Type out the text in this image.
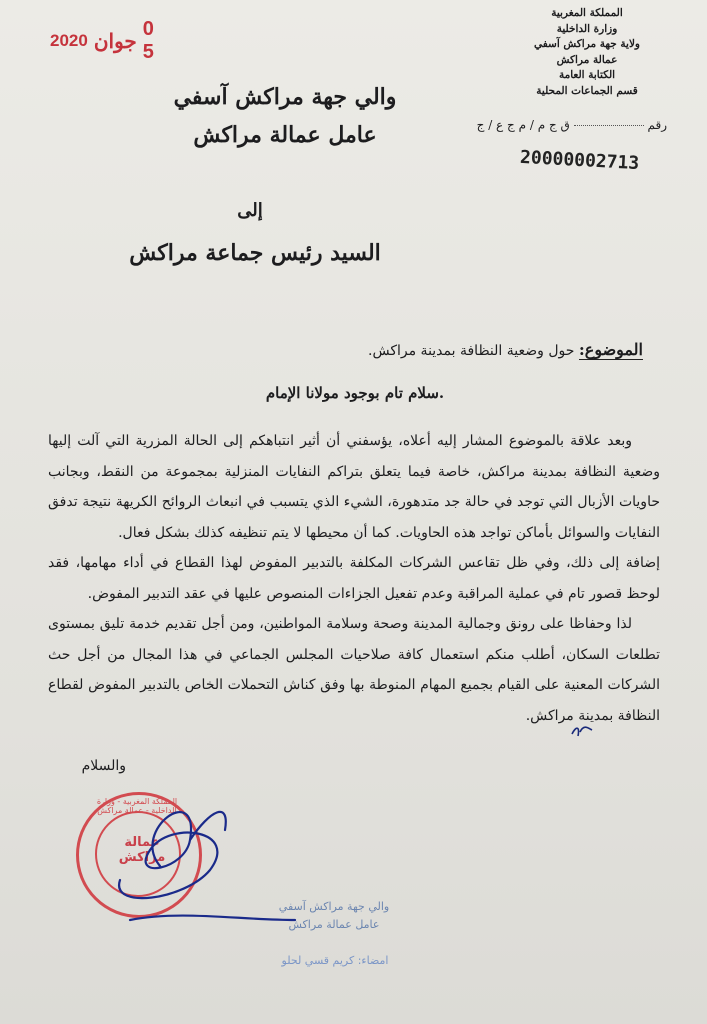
2020 جوان
0 5
المملكة المغربية
وزارة الداخلية
ولاية جهة مراكش آسفي
عمالة مراكش
الكتابة العامة
قسم الجماعات المحلية
رقم  ق ج م / م ج ع / ج
20000002713
والي جهة مراكش آسفي
عامل عمالة مراكش
إلى
السيد رئيس جماعة مراكش
الموضوع: حول وضعية النظافة بمدينة مراكش.
سلام تام بوجود مولانا الإمام.

وبعد علاقة بالموضوع المشار إليه أعلاه، يؤسفني أن أثير انتباهكم إلى الحالة المزرية التي آلت إليها وضعية النظافة بمدينة مراكش، خاصة فيما يتعلق بتراكم النفايات المنزلية بمجموعة من النقط، وبجانب حاويات الأزبال التي توجد في حالة جد متدهورة، الشيء الذي يتسبب في انبعاث الروائح الكريهة نتيجة تدفق النفايات والسوائل بأماكن تواجد هذه الحاويات. كما أن محيطها لا يتم تنظيفه كذلك بشكل فعال.

إضافة إلى ذلك، وفي ظل تقاعس الشركات المكلفة بالتدبير المفوض لهذا القطاع في أداء مهامها، فقد لوحظ قصور تام في عملية المراقبة وعدم تفعيل الجزاءات المنصوص عليها في عقد التدبير المفوض.

لذا وحفاظا على رونق وجمالية المدينة وصحة وسلامة المواطنين، ومن أجل تقديم خدمة تليق بمستوى تطلعات السكان، أطلب منكم استعمال كافة صلاحيات المجلس الجماعي في هذا المجال من أجل حث الشركات المعنية على القيام بجميع المهام المنوطة بها وفق كناش التحملات الخاص بالتدبير المفوض لقطاع النظافة بمدينة مراكش.

والسلام
المملكة المغربية - وزارة الداخلية - عمالة مراكش
عمالة مراكش
والي جهة مراكش آسفي
عامل عمالة مراكش
امضاء: كريم قسي لحلو
